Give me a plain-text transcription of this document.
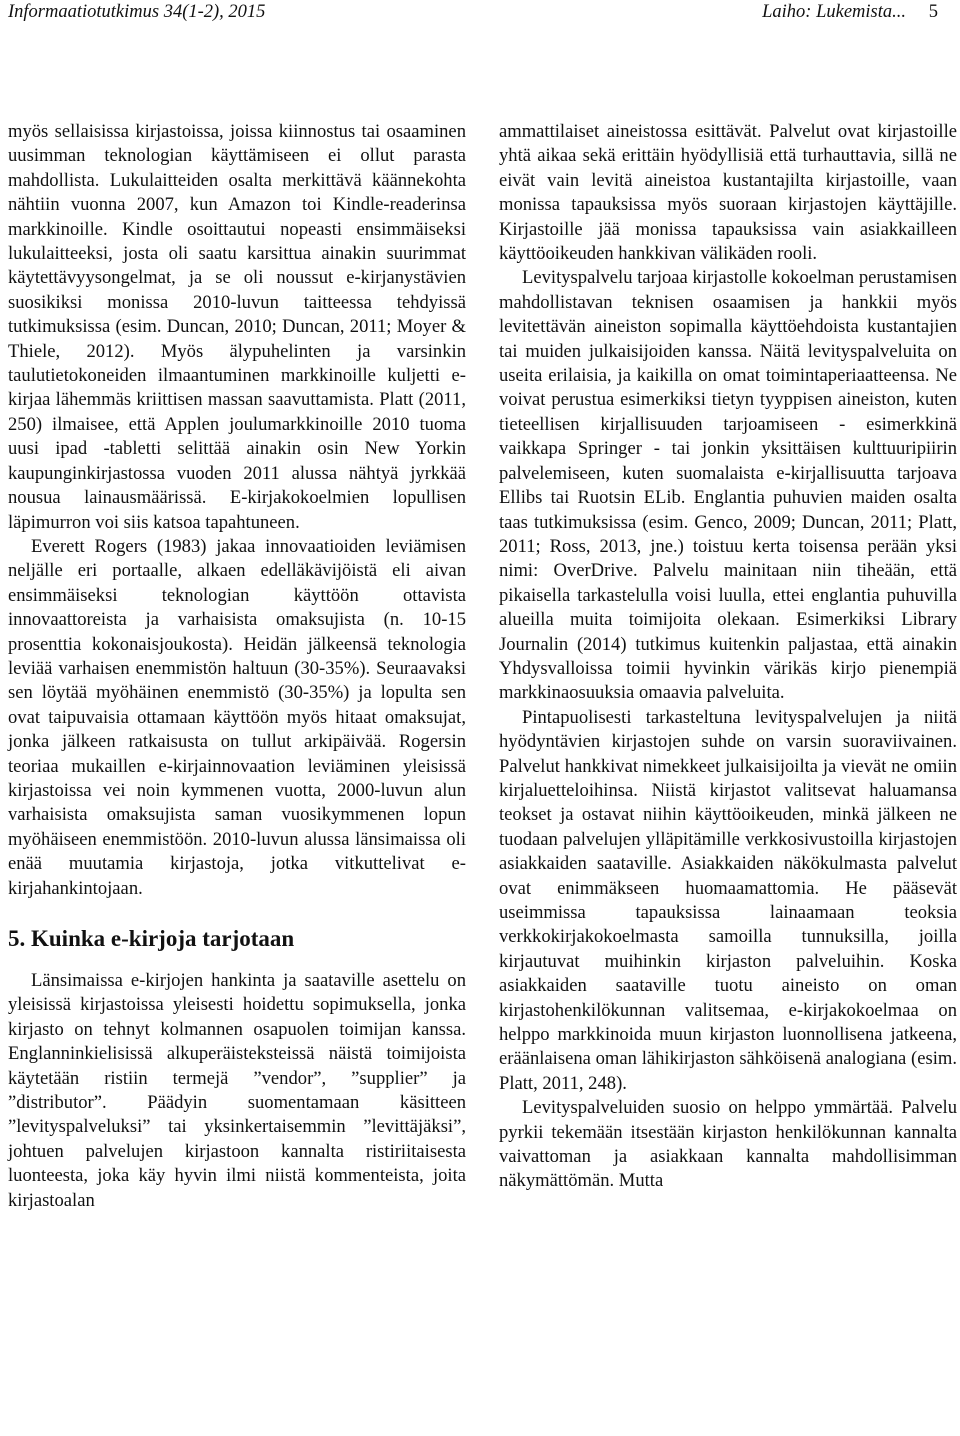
Informaatiotutkimus 34(1-2), 2015	Laiho: Lukemista... 5

myös sellaisissa kirjastoissa, joissa kiinnostus tai osaaminen uusimman teknologian käyttämiseen ei ollut parasta mahdollista. Lukulaitteiden osalta merkittävä käännekohta nähtiin vuonna 2007, kun Amazon toi Kindle-readerinsa markkinoille. Kindle osoittautui nopeasti ensimmäiseksi lukulaitteeksi, josta oli saatu karsittua ainakin suurimmat käytettävyysongelmat, ja se oli noussut e-kirjanystävien suosikiksi monissa 2010-luvun taitteessa tehdyissä tutkimuksissa (esim. Duncan, 2010; Duncan, 2011; Moyer & Thiele, 2012). Myös älypuhelinten ja varsinkin taulutietokoneiden ilmaantuminen markkinoille kuljetti e-kirjaa lähemmäs kriittisen massan saavuttamista. Platt (2011, 250) ilmaisee, että Applen joulumarkkinoille 2010 tuoma uusi ipad -tabletti selittää ainakin osin New Yorkin kaupunginkirjastossa vuoden 2011 alussa nähtyä jyrkkää nousua lainausmäärissä. E-kirjakokoelmien lopullisen läpimurron voi siis katsoa tapahtuneen.

Everett Rogers (1983) jakaa innovaatioiden leviämisen neljälle eri portaalle, alkaen edelläkävijöistä eli aivan ensimmäiseksi teknologian käyttöön ottavista innovaattoreista ja varhaisista omaksujista (n. 10-15 prosenttia kokonaisjoukosta). Heidän jälkeensä teknologia leviää varhaisen enemmistön haltuun (30-35%). Seuraavaksi sen löytää myöhäinen enemmistö (30-35%) ja lopulta sen ovat taipuvaisia ottamaan käyttöön myös hitaat omaksujat, jonka jälkeen ratkaisusta on tullut arkipäivää. Rogersin teoriaa mukaillen e-kirjainnovaation leviäminen yleisissä kirjastoissa vei noin kymmenen vuotta, 2000-luvun alun varhaisista omaksujista saman vuosikymmenen lopun myöhäiseen enemmistöön. 2010-luvun alussa länsimaissa oli enää muutamia kirjastoja, jotka vitkuttelivat e-kirjahankintojaan.

5. Kuinka e-kirjoja tarjotaan

Länsimaissa e-kirjojen hankinta ja saataville asettelu on yleisissä kirjastoissa yleisesti hoidettu sopimuksella, jonka kirjasto on tehnyt kolmannen osapuolen toimijan kanssa. Englanninkielisissä alkuperäisteksteissä näistä toimijoista käytetään ristiin termejä ”vendor”, ”supplier” ja ”distributor”. Päädyin suomentamaan käsitteen ”levityspalveluksi” tai yksinkertaisemmin ”levittäjäksi”, johtuen palvelujen kirjastoon kannalta ristiriitaisesta luonteesta, joka käy hyvin ilmi niistä kommenteista, joita kirjastoalan

ammattilaiset aineistossa esittävät. Palvelut ovat kirjastoille yhtä aikaa sekä erittäin hyödyllisiä että turhauttavia, sillä ne eivät vain levitä aineistoa kustantajilta kirjastoille, vaan monissa tapauksissa myös suoraan kirjastojen käyttäjille. Kirjastoille jää monissa tapauksissa vain asiakkailleen käyttöoikeuden hankkivan välikäden rooli.

Levityspalvelu tarjoaa kirjastolle kokoelman perustamisen mahdollistavan teknisen osaamisen ja hankkii myös levitettävän aineiston sopimalla käyttöehdoista kustantajien tai muiden julkaisijoiden kanssa. Näitä levityspalveluita on useita erilaisia, ja kaikilla on omat toimintaperiaatteensa. Ne voivat perustua esimerkiksi tietyn tyyppisen aineiston, kuten tieteellisen kirjallisuuden tarjoamiseen - esimerkkinä vaikkapa Springer - tai jonkin yksittäisen kulttuuripiirin palvelemiseen, kuten suomalaista e-kirjallisuutta tarjoava Ellibs tai Ruotsin ELib. Englantia puhuvien maiden osalta taas tutkimuksissa (esim. Genco, 2009; Duncan, 2011; Platt, 2011; Ross, 2013, jne.) toistuu kerta toisensa perään yksi nimi: OverDrive. Palvelu mainitaan niin tiheään, että pikaisella tarkastelulla voisi luulla, ettei englantia puhuvilla alueilla muita toimijoita olekaan. Esimerkiksi Library Journalin (2014) tutkimus kuitenkin paljastaa, että ainakin Yhdysvalloissa toimii hyvinkin värikäs kirjo pienempiä markkinaosuuksia omaavia palveluita.

Pintapuolisesti tarkasteltuna levityspalvelujen ja niitä hyödyntävien kirjastojen suhde on varsin suoraviivainen. Palvelut hankkivat nimekkeet julkaisijoilta ja vievät ne omiin kirjaluetteloihinsa. Niistä kirjastot valitsevat haluamansa teokset ja ostavat niihin käyttöoikeuden, minkä jälkeen ne tuodaan palvelujen ylläpitämille verkkosivustoilla kirjastojen asiakkaiden saataville. Asiakkaiden näkökulmasta palvelut ovat enimmäkseen huomaamattomia. He pääsevät useimmissa tapauksissa lainaamaan teoksia verkkokirjakokoelmasta samoilla tunnuksilla, joilla kirjautuvat muihinkin kirjaston palveluihin. Koska asiakkaiden saataville tuotu aineisto on oman kirjastohenkilökunnan valitsemaa, e-kirjakokoelmaa on helppo markkinoida muun kirjaston luonnollisena jatkeena, eräänlaisena oman lähikirjaston sähköisenä analogiana (esim. Platt, 2011, 248).

Levityspalveluiden suosio on helppo ymmärtää. Palvelu pyrkii tekemään itsestään kirjaston henkilökunnan kannalta vaivattoman ja asiakkaan kannalta mahdollisimman näkymättömän. Mutta
